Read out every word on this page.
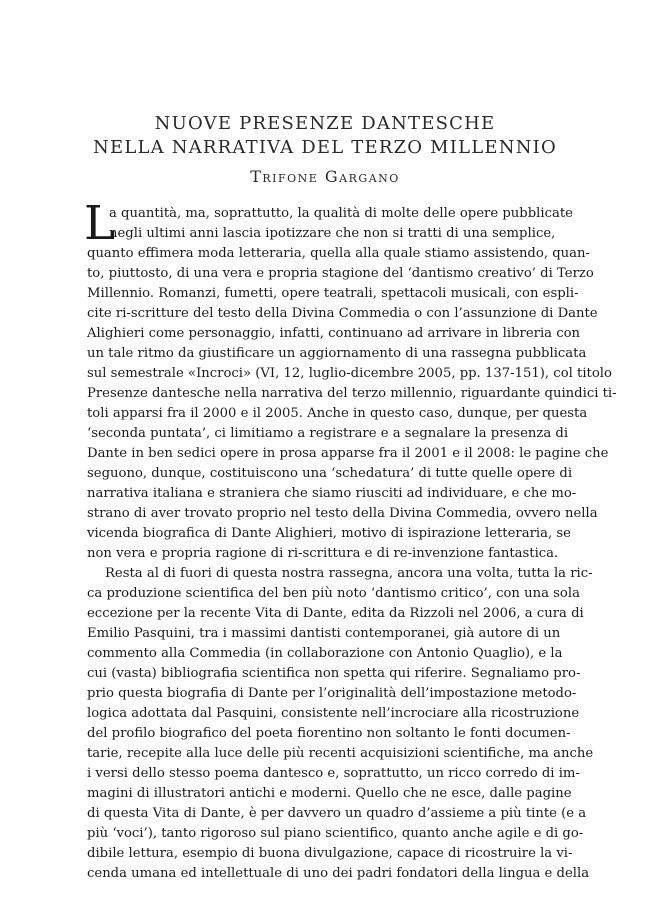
NUOVE PRESENZE DANTESCHE
NELLA NARRATIVA DEL TERZO MILLENNIO
Trifone Gargano
L
a quantità, ma, soprattutto, la qualità di molte delle opere pubblicate
negli ultimi anni lascia ipotizzare che non si tratti di una semplice,
quanto effimera moda letteraria, quella alla quale stiamo assistendo, quan-
to, piuttosto, di una vera e propria stagione del ‘dantismo creativo’ di Terzo
Millennio. Romanzi, fumetti, opere teatrali, spettacoli musicali, con espli-
cite ri-scritture del testo della Divina Commedia o con l’assunzione di Dante
Alighieri come personaggio, infatti, continuano ad arrivare in libreria con
un tale ritmo da giustificare un aggiornamento di una rassegna pubblicata
sul semestrale «Incroci» (VI, 12, luglio-dicembre 2005, pp. 137-151), col titolo
Presenze dantesche nella narrativa del terzo millennio, riguardante quindici ti-
toli apparsi fra il 2000 e il 2005. Anche in questo caso, dunque, per questa
‘seconda puntata’, ci limitiamo a registrare e a segnalare la presenza di
Dante in ben sedici opere in prosa apparse fra il 2001 e il 2008: le pagine che
seguono, dunque, costituiscono una ‘schedatura’ di tutte quelle opere di
narrativa italiana e straniera che siamo riusciti ad individuare, e che mo-
strano di aver trovato proprio nel testo della Divina Commedia, ovvero nella
vicenda biografica di Dante Alighieri, motivo di ispirazione letteraria, se
non vera e propria ragione di ri-scrittura e di re-invenzione fantastica.
Resta al di fuori di questa nostra rassegna, ancora una volta, tutta la ric-
ca produzione scientifica del ben più noto ‘dantismo critico’, con una sola
eccezione per la recente Vita di Dante, edita da Rizzoli nel 2006, a cura di
Emilio Pasquini, tra i massimi dantisti contemporanei, già autore di un
commento alla Commedia (in collaborazione con Antonio Quaglio), e la
cui (vasta) bibliografia scientifica non spetta qui riferire. Segnaliamo pro-
prio questa biografia di Dante per l’originalità dell’impostazione metodo-
logica adottata dal Pasquini, consistente nell’incrociare alla ricostruzione
del profilo biografico del poeta fiorentino non soltanto le fonti documen-
tarie, recepite alla luce delle più recenti acquisizioni scientifiche, ma anche
i versi dello stesso poema dantesco e, soprattutto, un ricco corredo di im-
magini di illustratori antichi e moderni. Quello che ne esce, dalle pagine
di questa Vita di Dante, è per davvero un quadro d’assieme a più tinte (e a
più ‘voci’), tanto rigoroso sul piano scientifico, quanto anche agile e di go-
dibile lettura, esempio di buona divulgazione, capace di ricostruire la vi-
cenda umana ed intellettuale di uno dei padri fondatori della lingua e della
